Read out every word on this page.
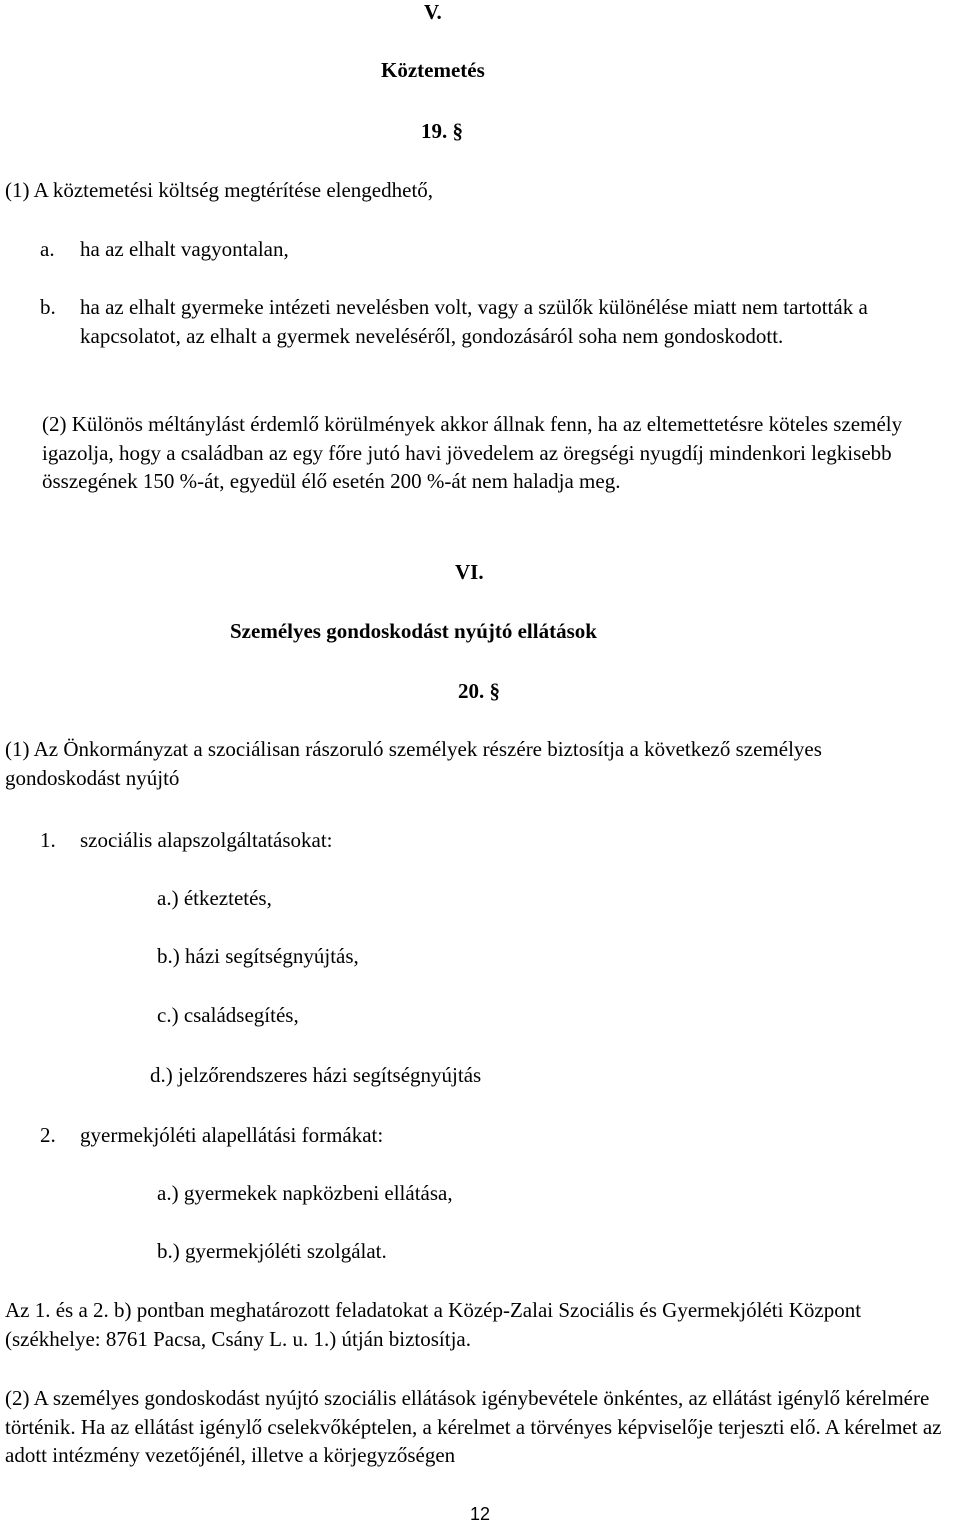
V.
Köztemetés
19. §
(1) A köztemetési költség megtérítése elengedhető,
a. ha az elhalt vagyontalan,
b. ha az elhalt gyermeke intézeti nevelésben volt, vagy a szülők különélése miatt nem tartották a kapcsolatot, az elhalt a gyermek neveléséről, gondozásáról soha nem gondoskodott.
(2) Különös méltánylást érdemlő körülmények akkor állnak fenn, ha az eltemettetésre köteles személy igazolja, hogy a családban az egy főre jutó havi jövedelem az öregségi nyugdíj mindenkori legkisebb összegének 150 %-át, egyedül élő esetén 200 %-át nem haladja meg.
VI.
Személyes gondoskodást nyújtó ellátások
20. §
(1) Az Önkormányzat a szociálisan rászoruló személyek részére biztosítja a következő személyes gondoskodást nyújtó
1. szociális alapszolgáltatásokat:
a.) étkeztetés,
b.) házi segítségnyújtás,
c.) családsegítés,
d.) jelzőrendszeres házi segítségnyújtás
2. gyermekjóléti alapellátási formákat:
a.) gyermekek napközbeni ellátása,
b.) gyermekjóléti szolgálat.
Az 1. és a 2. b) pontban meghatározott feladatokat a Közép-Zalai Szociális és Gyermekjóléti Központ (székhelye: 8761 Pacsa, Csány L. u. 1.) útján biztosítja.
(2) A személyes gondoskodást nyújtó szociális ellátások igénybevétele önkéntes, az ellátást igénylő kérelmére történik. Ha az ellátást igénylő cselekvőképtelen, a kérelmet a törvényes képviselője terjeszti elő. A kérelmet az adott intézmény vezetőjénél, illetve a körjegyzőségen
12
